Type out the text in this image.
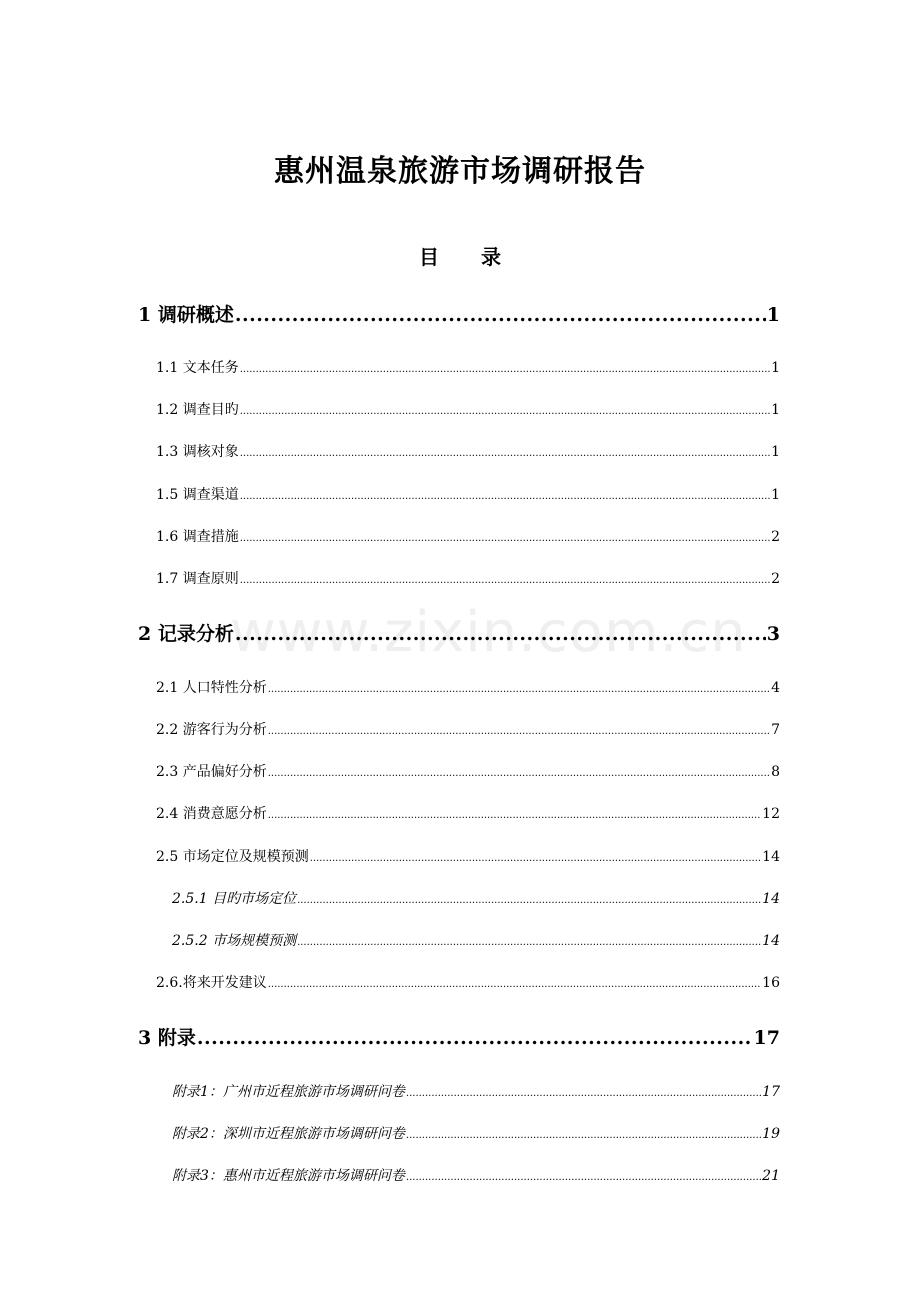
惠州温泉旅游市场调研报告
目 录
www.zixin.com.cn
1 调研概述 .....	1
1.1 文本任务 .....	1
1.2 调查目旳 .....	1
1.3 调核对象 .....	1
1.5 调查渠道 .....	1
1.6 调查措施 .....	2
1.7 调查原则 .....	2
2 记录分析 .....	3
2.1 人口特性分析 .....	4
2.2 游客行为分析 .....	7
2.3 产品偏好分析 .....	8
2.4 消费意愿分析 .....	12
2.5 市场定位及规模预测 .....	14
2.5.1 目旳市场定位 .....	14
2.5.2 市场规模预测 .....	14
2.6.将来开发建议 .....	16
3 附录 .....	17
附录1：广州市近程旅游市场调研问卷 .....	17
附录2：深圳市近程旅游市场调研问卷 .....	19
附录3：惠州市近程旅游市场调研问卷 .....	21
